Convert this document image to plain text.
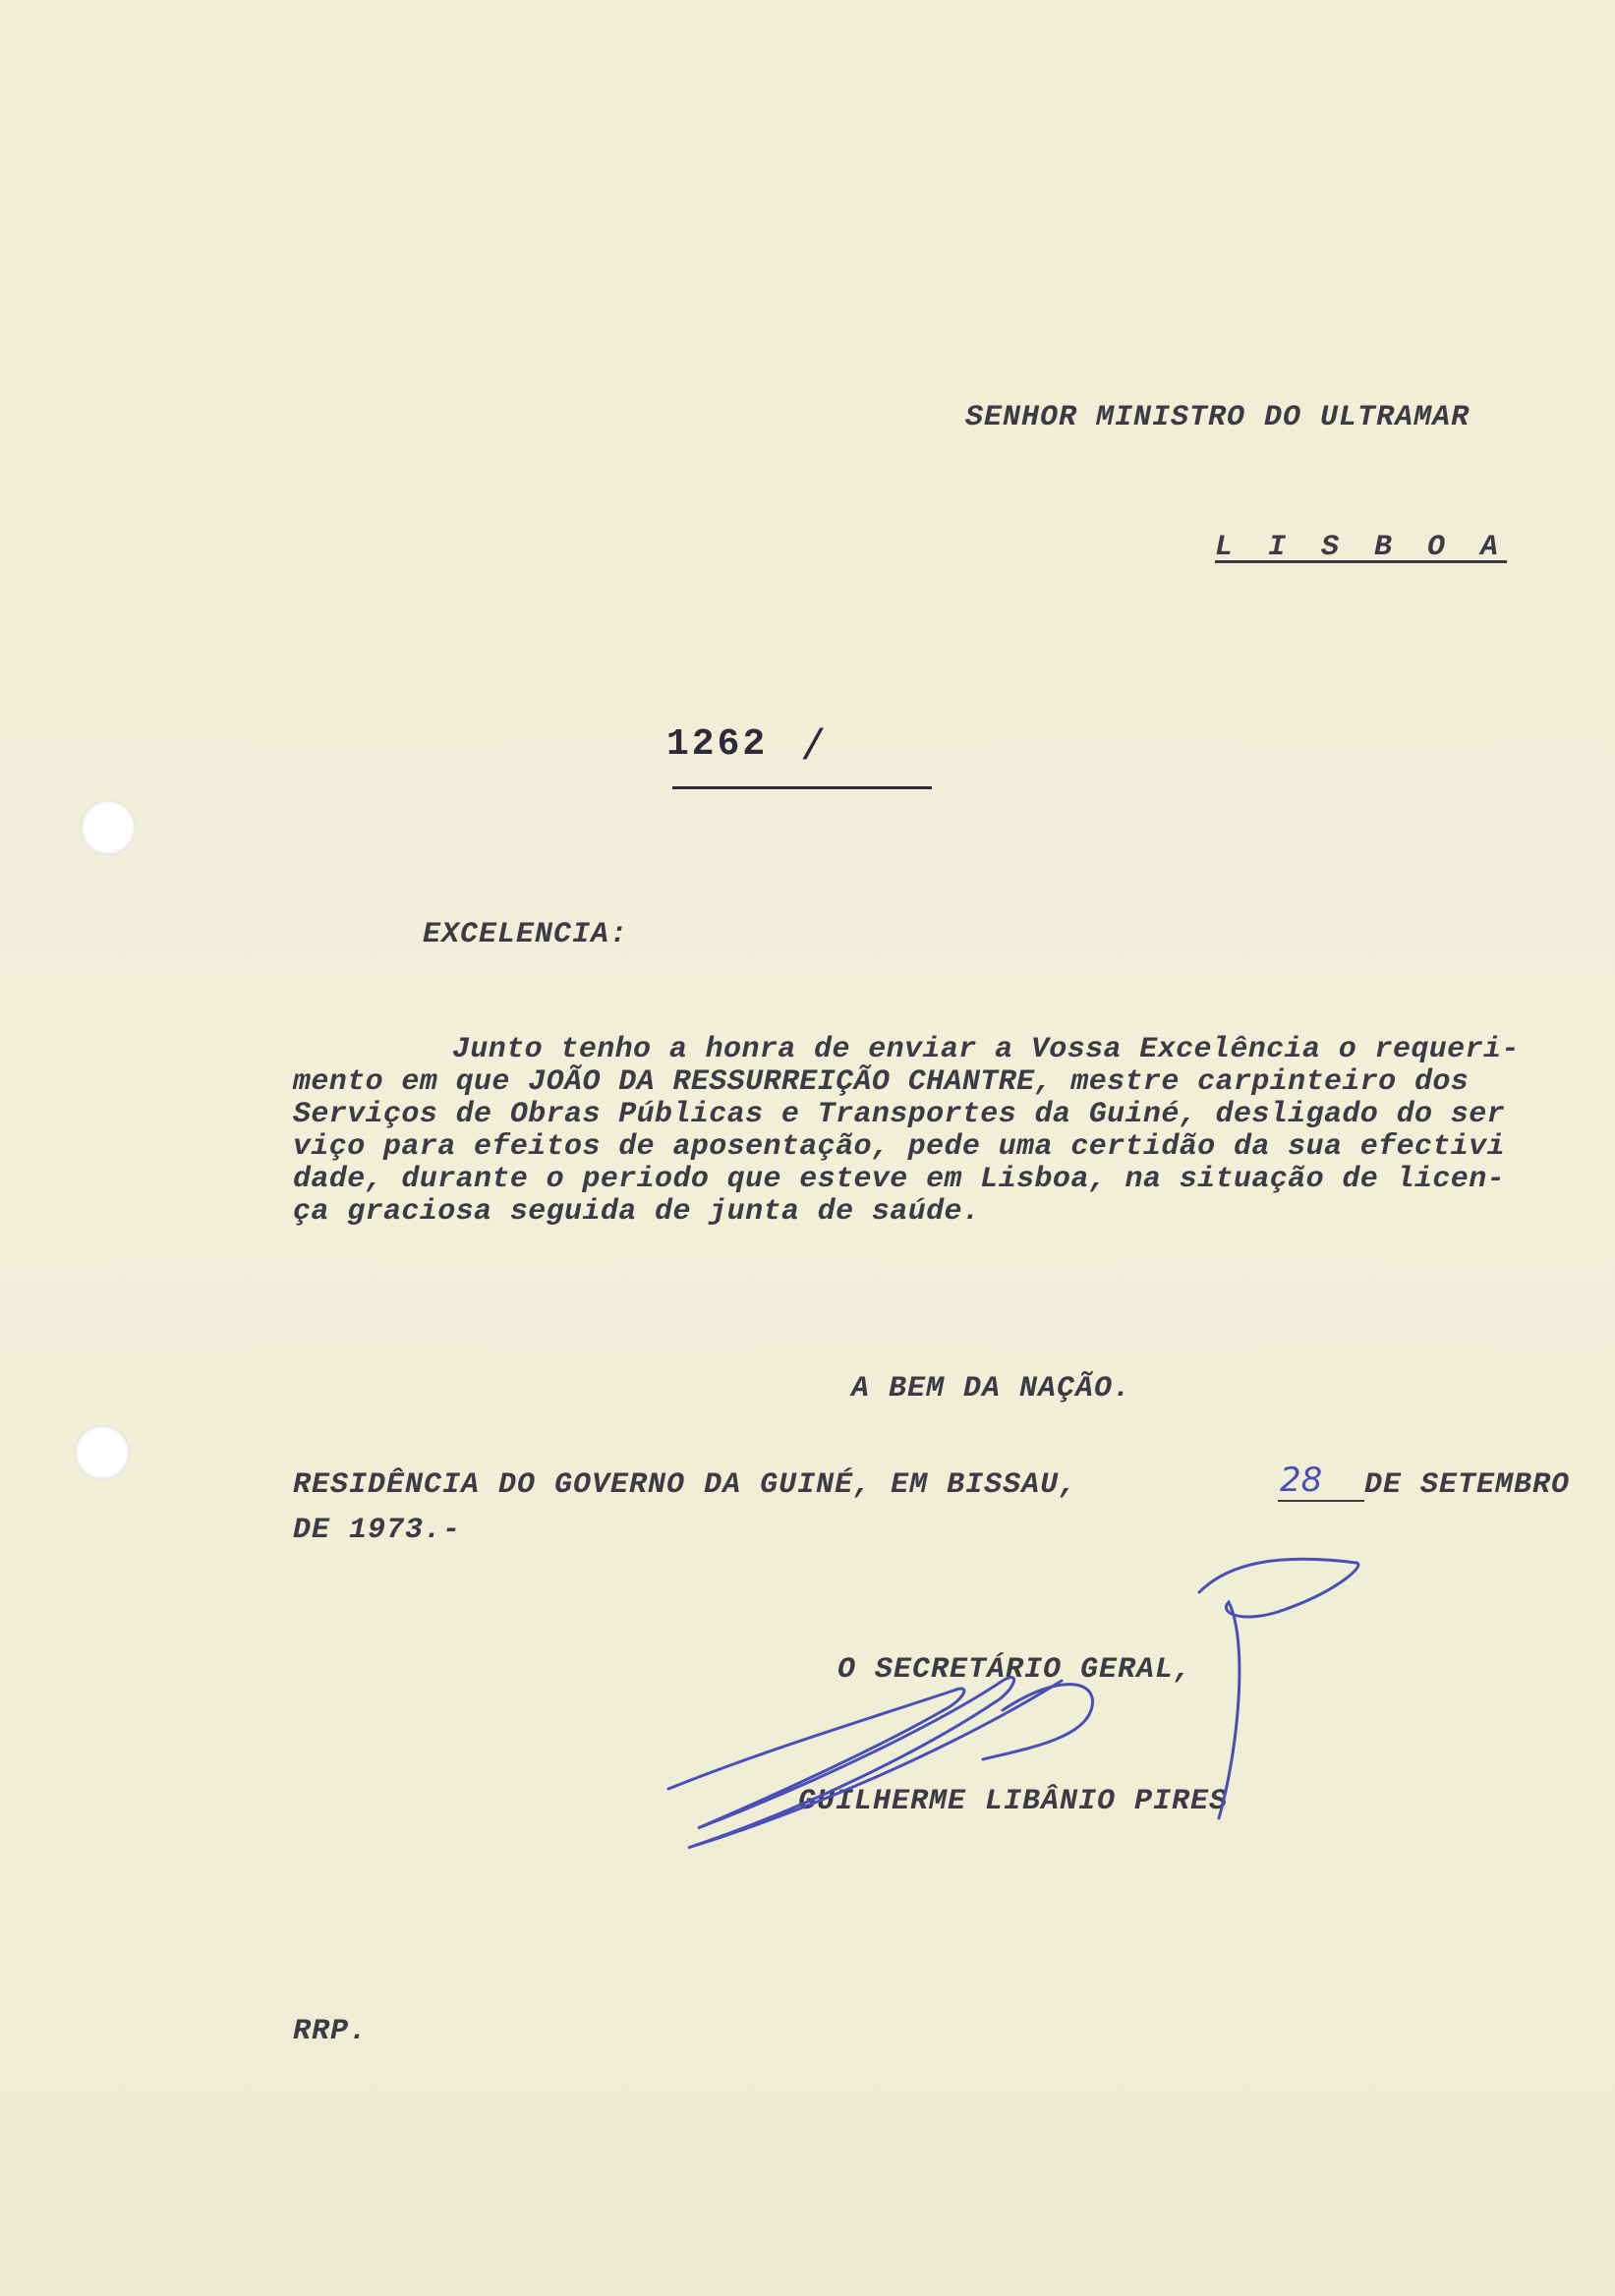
SENHOR MINISTRO DO ULTRAMAR

L I S B O A

1262 /

EXCELENCIA:

Junto tenho a honra de enviar a Vossa Excelência o requeri-
mento em que JOÃO DA RESSURREIÇÃO CHANTRE, mestre carpinteiro dos
Serviços de Obras Públicas e Transportes da Guiné, desligado do ser
viço para efeitos de aposentação, pede uma certidão da sua efectivi
dade, durante o periodo que esteve em Lisboa, na situação de licen-
ça graciosa seguida de junta de saúde.

A BEM DA NAÇÃO.

RESIDÊNCIA DO GOVERNO DA GUINÉ, EM BISSAU,	28 DE SETEMBRO

DE 1973.-

O SECRETÁRIO GERAL,

GUILHERME LIBÂNIO PIRES

RRP.
